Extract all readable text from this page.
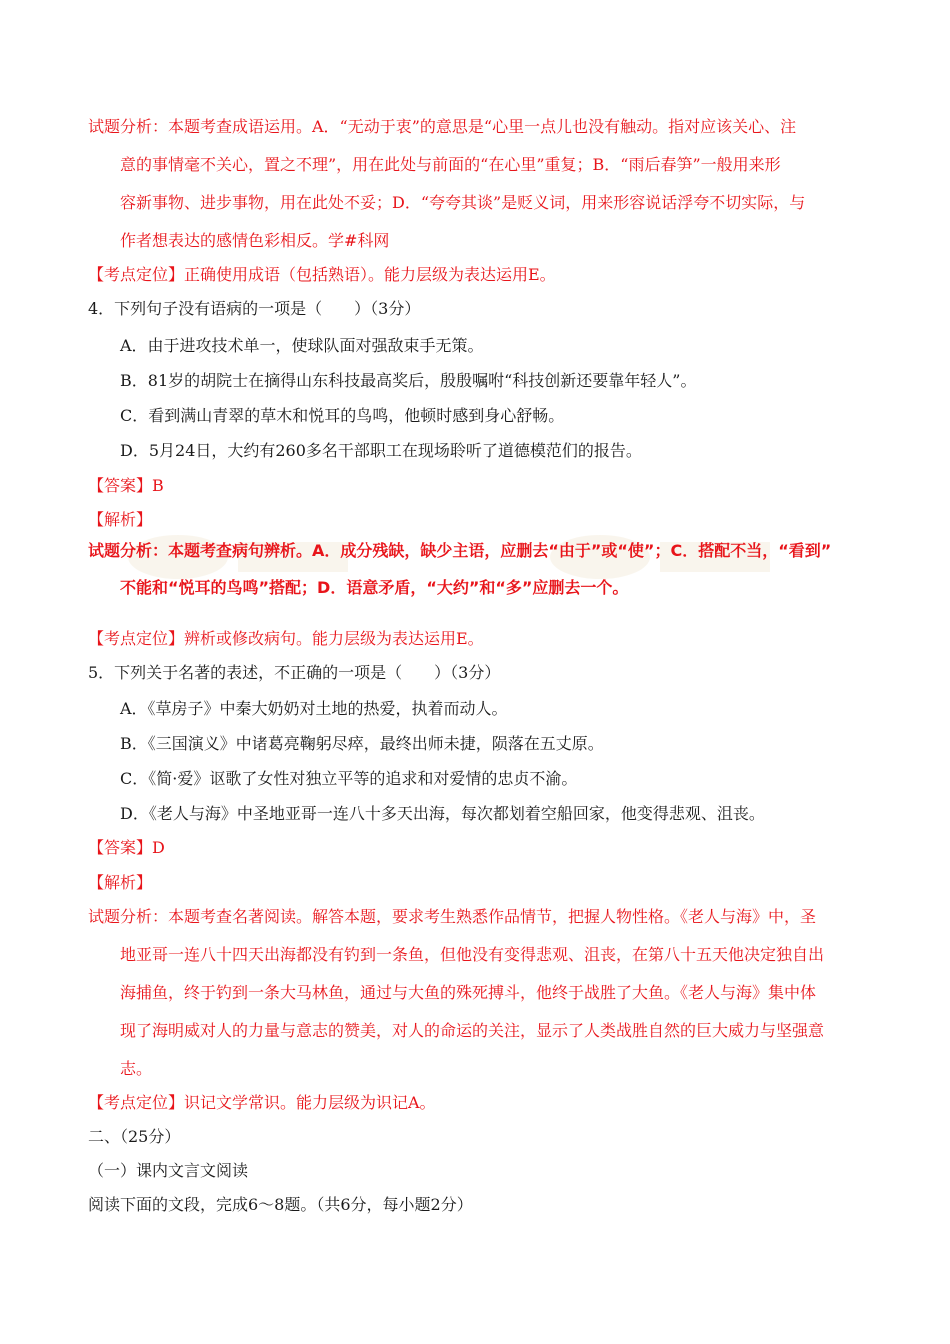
试题分析：本题考查成语运用。A．“无动于衷”的意思是“心里一点儿也没有触动。指对应该关心、注
意的事情毫不关心，置之不理”，用在此处与前面的“在心里”重复；B．“雨后春笋”一般用来形
容新事物、进步事物，用在此处不妥；D．“夸夸其谈”是贬义词，用来形容说话浮夸不切实际，与
作者想表达的感情色彩相反。学#科网
【考点定位】正确使用成语（包括熟语）。能力层级为表达运用E。
4．下列句子没有语病的一项是（　　）（3分）
A．由于进攻技术单一，使球队面对强敌束手无策。
B．81岁的胡院士在摘得山东科技最高奖后，殷殷嘱咐“科技创新还要靠年轻人”。
C．看到满山青翠的草木和悦耳的鸟鸣，他顿时感到身心舒畅。
D．5月24日，大约有260多名干部职工在现场聆听了道德模范们的报告。
【答案】B
【解析】
试题分析：本题考查病句辨析。A．成分残缺，缺少主语，应删去“由于”或“使”；C．搭配不当，“看到”
不能和“悦耳的鸟鸣”搭配；D．语意矛盾，“大约”和“多”应删去一个。
【考点定位】辨析或修改病句。能力层级为表达运用E。
5．下列关于名著的表述，不正确的一项是（　　）（3分）
A．《草房子》中秦大奶奶对土地的热爱，执着而动人。
B．《三国演义》中诸葛亮鞠躬尽瘁，最终出师未捷，陨落在五丈原。
C．《简·爱》讴歌了女性对独立平等的追求和对爱情的忠贞不渝。
D．《老人与海》中圣地亚哥一连八十多天出海，每次都划着空船回家，他变得悲观、沮丧。
【答案】D
【解析】
试题分析：本题考查名著阅读。解答本题，要求考生熟悉作品情节，把握人物性格。《老人与海》中，圣
地亚哥一连八十四天出海都没有钓到一条鱼，但他没有变得悲观、沮丧，在第八十五天他决定独自出
海捕鱼，终于钓到一条大马林鱼，通过与大鱼的殊死搏斗，他终于战胜了大鱼。《老人与海》集中体
现了海明威对人的力量与意志的赞美，对人的命运的关注，显示了人类战胜自然的巨大威力与坚强意
志。
【考点定位】识记文学常识。能力层级为识记A。
二、（25分）
（一）课内文言文阅读
阅读下面的文段，完成6～8题。（共6分，每小题2分）
